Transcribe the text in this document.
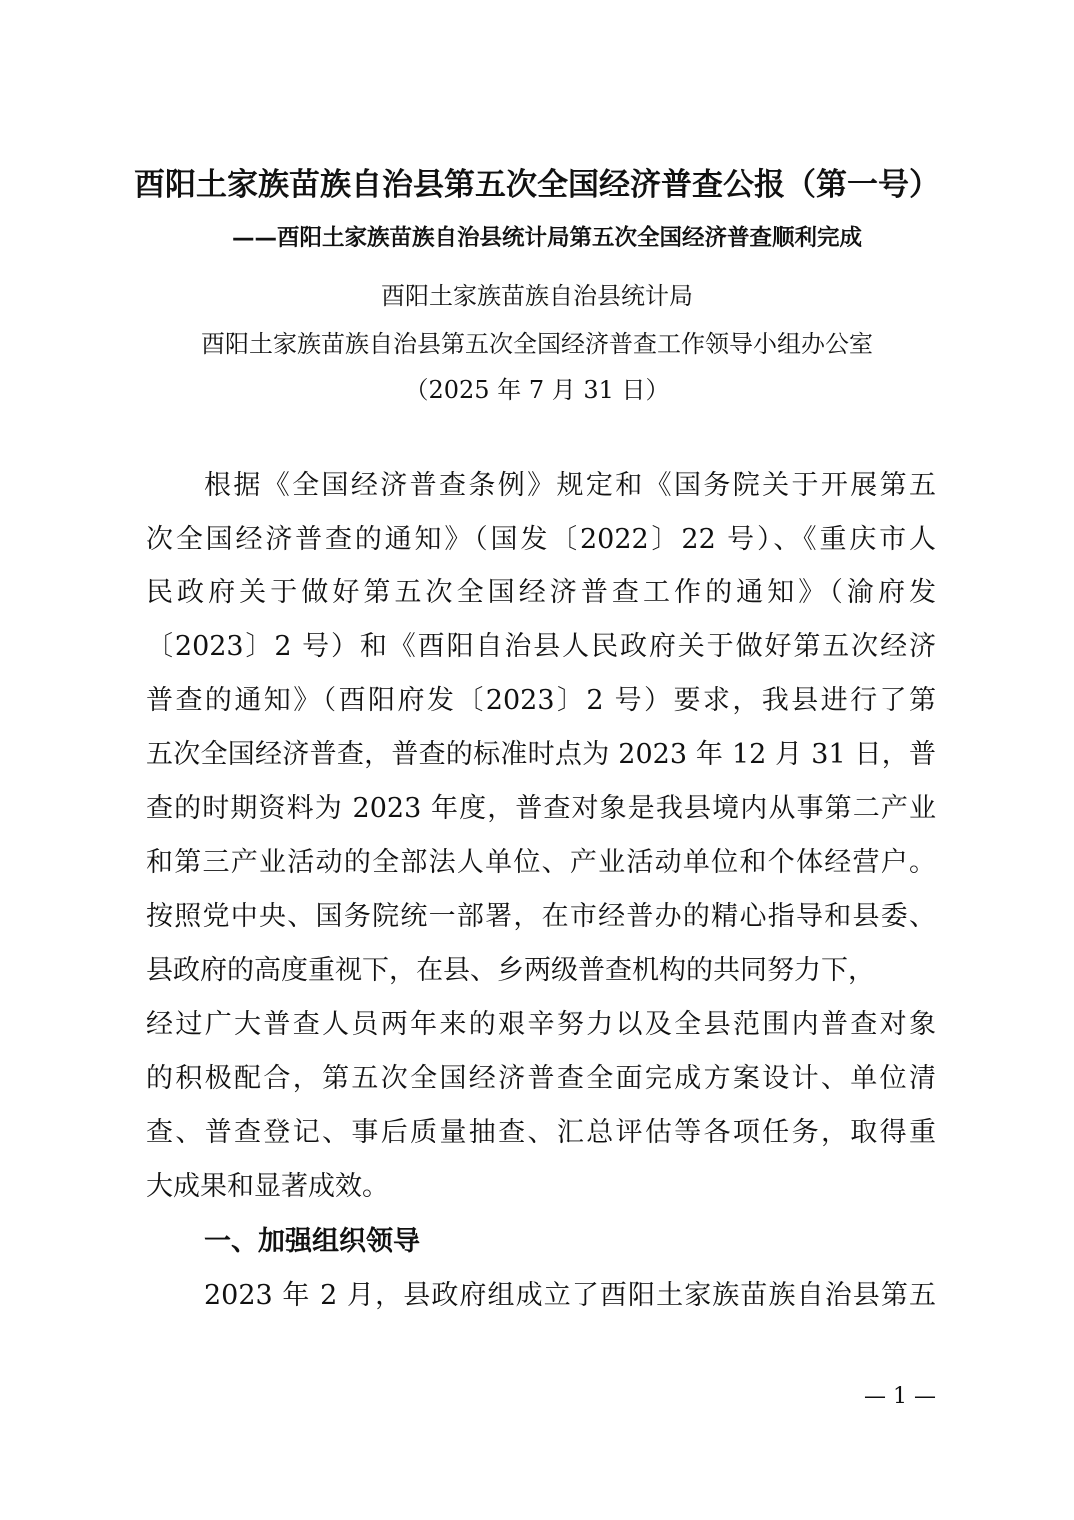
酉阳土家族苗族自治县第五次全国经济普查公报（第一号）
——酉阳土家族苗族自治县统计局第五次全国经济普查顺利完成
酉阳土家族苗族自治县统计局
酉阳土家族苗族自治县第五次全国经济普查工作领导小组办公室
（2025 年 7 月 31 日）
根据《全国经济普查条例》规定和《国务院关于开展第五
次全国经济普查的通知》（国发〔2022〕22 号）、《重庆市人
民政府关于做好第五次全国经济普查工作的通知》（渝府发
〔2023〕2 号）和《酉阳自治县人民政府关于做好第五次经济
普查的通知》（酉阳府发〔2023〕2 号）要求，我县进行了第
五次全国经济普查，普查的标准时点为 2023 年 12 月 31 日，普
查的时期资料为 2023 年度，普查对象是我县境内从事第二产业
和第三产业活动的全部法人单位、产业活动单位和个体经营户。
按照党中央、国务院统一部署，在市经普办的精心指导和县委、
县政府的高度重视下，在县、乡两级普查机构的共同努力下，
经过广大普查人员两年来的艰辛努力以及全县范围内普查对象
的积极配合，第五次全国经济普查全面完成方案设计、单位清
查、普查登记、事后质量抽查、汇总评估等各项任务，取得重
大成果和显著成效。
一、加强组织领导
2023 年 2 月，县政府组成立了酉阳土家族苗族自治县第五
— 1 —
